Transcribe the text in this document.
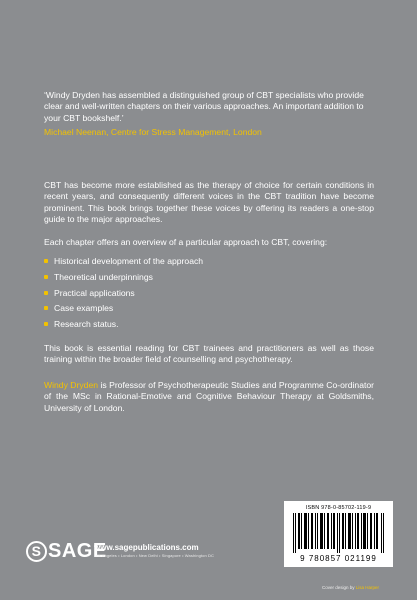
‘Windy Dryden has assembled a distinguished group of CBT specialists who provide clear and well-written chapters on their various approaches. An important addition to your CBT bookshelf.’

Michael Neenan, Centre for Stress Management, London

CBT has become more established as the therapy of choice for certain conditions in recent years, and consequently different voices in the CBT tradition have become prominent. This book brings together these voices by offering its readers a one-stop guide to the major approaches.

Each chapter offers an overview of a particular approach to CBT, covering:

Historical development of the approach
Theoretical underpinnings
Practical applications
Case examples
Research status.

This book is essential reading for CBT trainees and practitioners as well as those training within the broader field of counselling and psychotherapy.

Windy Dryden is Professor of Psychotherapeutic Studies and Programme Co-ordinator of the MSc in Rational-Emotive and Cognitive Behaviour Therapy at Goldsmiths, University of London.

S SAGE
www.sagepublications.com
Los Angeles • London • New Delhi • Singapore • Washington DC
ISBN 978-0-85702-119-9
9 780857 021199
Cover design by Lisa Harper
